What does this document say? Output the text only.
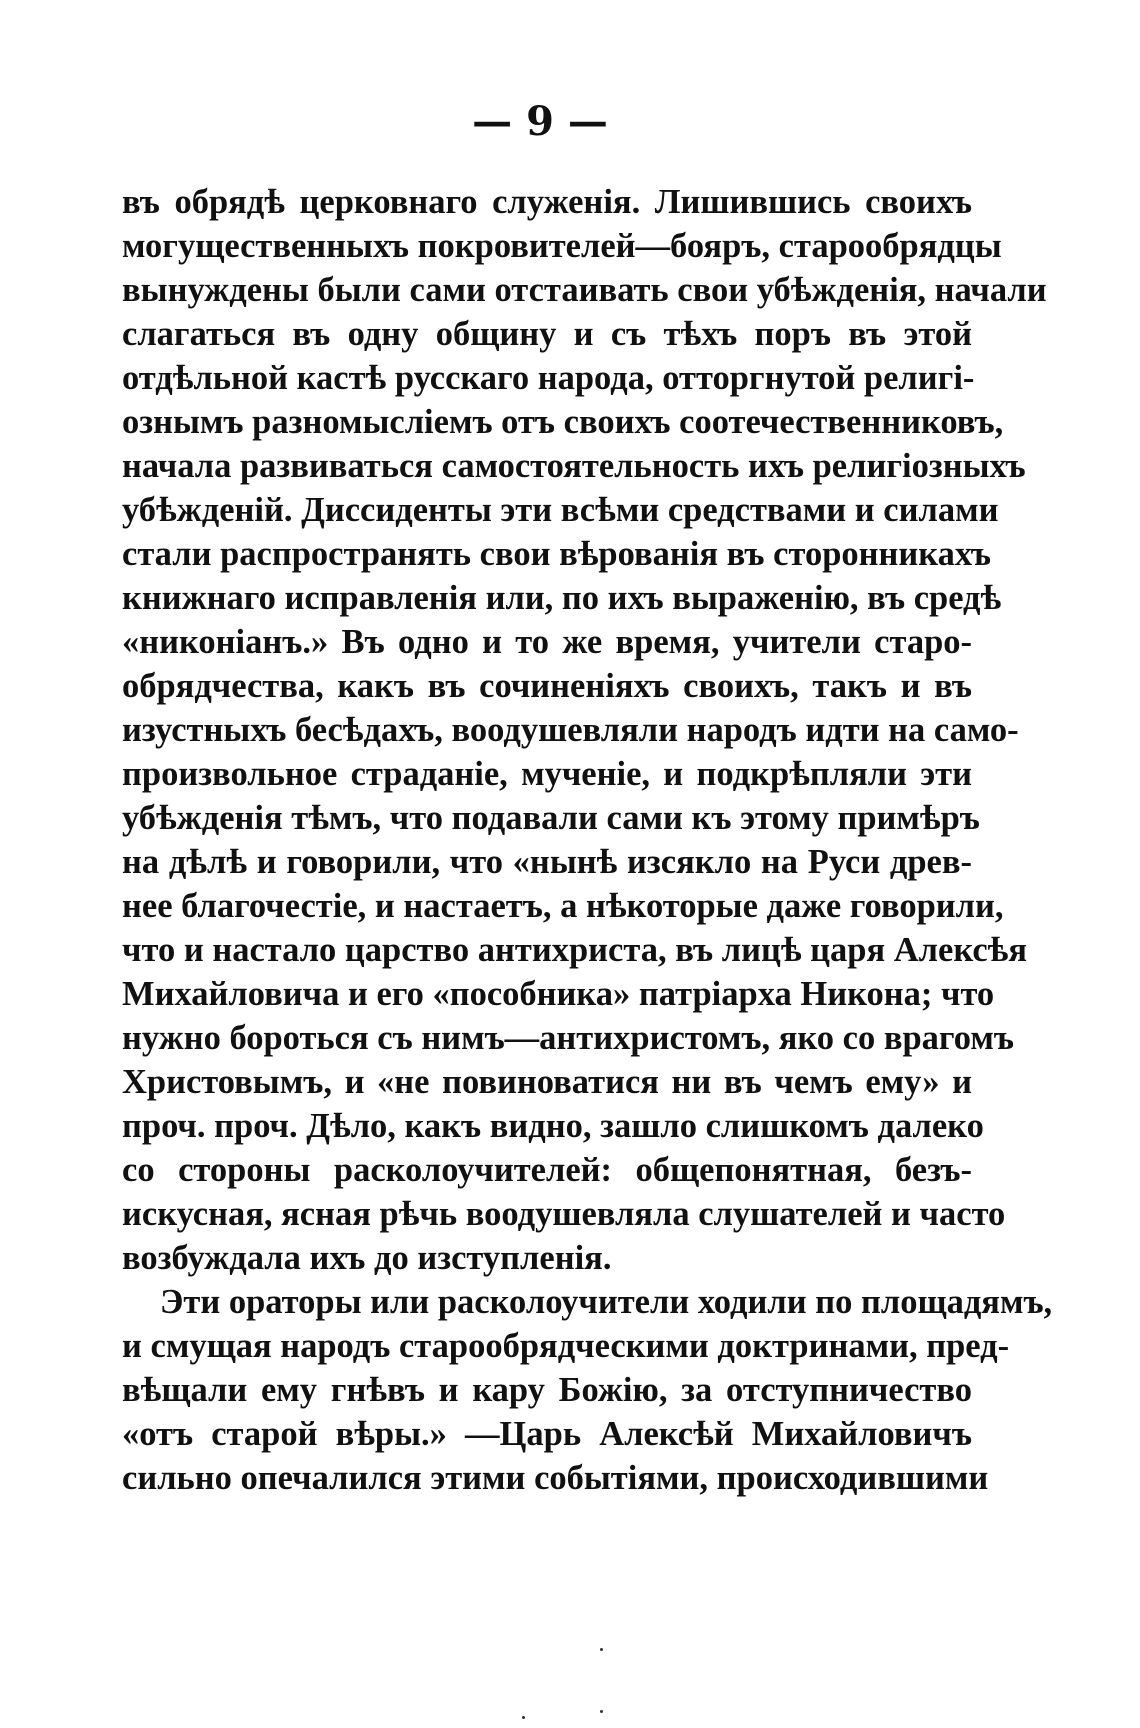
— 9 —
въ обрядѣ церковнаго служенія. Лишившись своихъ
могущественныхъ покровителей—бояръ, старообрядцы
вынуждены были сами отстаивать свои убѣжденія, начали
слагаться въ одну общину и съ тѣхъ поръ въ этой
отдѣльной кастѣ русскаго народа, отторгнутой религі-
ознымъ разномысліемъ отъ своихъ соотечественниковъ,
начала развиваться самостоятельность ихъ религіозныхъ
убѣжденій. Диссиденты эти всѣми средствами и силами
стали распространять свои вѣрованія въ сторонникахъ
книжнаго исправленія или, по ихъ выраженію, въ средѣ
«никоніанъ.» Въ одно и то же время, учители старо-
обрядчества, какъ въ сочиненіяхъ своихъ, такъ и въ
изустныхъ бесѣдахъ, воодушевляли народъ идти на само-
произвольное страданіе, мученіе, и подкрѣпляли эти
убѣжденія тѣмъ, что подавали сами къ этому примѣръ
на дѣлѣ и говорили, что «нынѣ изсякло на Руси древ-
нее благочестіе, и настаетъ, а нѣкоторые даже говорили,
что и настало царство антихриста, въ лицѣ царя Алексѣя
Михайловича и его «пособника» патріарха Никона; что
нужно бороться съ нимъ—антихристомъ, яко со врагомъ
Христовымъ, и «не повиноватися ни въ чемъ ему» и
проч. проч. Дѣло, какъ видно, зашло слишкомъ далеко
со стороны расколоучителей: общепонятная, безъ-
искусная, ясная рѣчь воодушевляла слушателей и часто
возбуждала ихъ до изступленія.
Эти ораторы или расколоучители ходили по площадямъ,
и смущая народъ старообрядческими доктринами, пред-
вѣщали ему гнѣвъ и кару Божію, за отступничество
«отъ старой вѣры.» —Царь Алексѣй Михайловичъ
сильно опечалился этими событіями, происходившими
